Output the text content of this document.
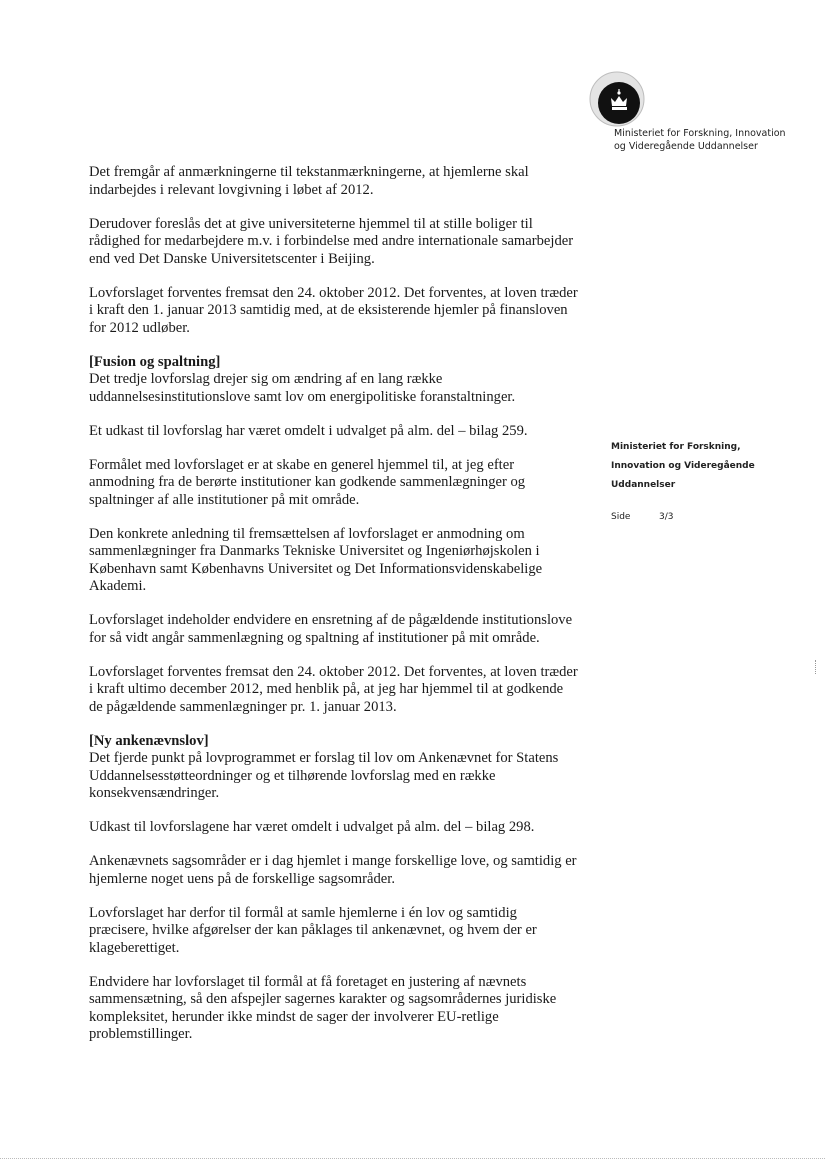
Ministeriet for Forskning, Innovation
og Videregående Uddannelser
Ministeriet for Forskning,
Innovation og Videregående
Uddannelser
Side	3/3
Det fremgår af anmærkningerne til tekstanmærkningerne, at hjemlerne skal
indarbejdes i relevant lovgivning i løbet af 2012.
Derudover foreslås det at give universiteterne hjemmel til at stille boliger til
rådighed for medarbejdere m.v. i forbindelse med andre internationale samarbejder
end ved Det Danske Universitetscenter i Beijing.
Lovforslaget forventes fremsat den 24. oktober 2012. Det forventes, at loven træder
i kraft den 1. januar 2013 samtidig med, at de eksisterende hjemler på finansloven
for 2012 udløber.
[Fusion og spaltning]
Det tredje lovforslag drejer sig om ændring af en lang række
uddannelsesinstitutionslove samt lov om energipolitiske foranstaltninger.
Et udkast til lovforslag har været omdelt i udvalget på alm. del – bilag 259.
Formålet med lovforslaget er at skabe en generel hjemmel til, at jeg efter
anmodning fra de berørte institutioner kan godkende sammenlægninger og
spaltninger af alle institutioner på mit område.
Den konkrete anledning til fremsættelsen af lovforslaget er anmodning om
sammenlægninger fra Danmarks Tekniske Universitet og Ingeniørhøjskolen i
København samt Københavns Universitet og Det Informationsvidenskabelige
Akademi.
Lovforslaget indeholder endvidere en ensretning af de pågældende institutionslove
for så vidt angår sammenlægning og spaltning af institutioner på mit område.
Lovforslaget forventes fremsat den 24. oktober 2012. Det forventes, at loven træder
i kraft ultimo december 2012, med henblik på, at jeg har hjemmel til at godkende
de pågældende sammenlægninger pr. 1. januar 2013.
[Ny ankenævnslov]
Det fjerde punkt på lovprogrammet er forslag til lov om Ankenævnet for Statens
Uddannelsesstøtteordninger og et tilhørende lovforslag med en række
konsekvensændringer.
Udkast til lovforslagene har været omdelt i udvalget på alm. del – bilag 298.
Ankenævnets sagsområder er i dag hjemlet i mange forskellige love, og samtidig er
hjemlerne noget uens på de forskellige sagsområder.
Lovforslaget har derfor til formål at samle hjemlerne i én lov og samtidig
præcisere, hvilke afgørelser der kan påklages til ankenævnet, og hvem der er
klageberettiget.
Endvidere har lovforslaget til formål at få foretaget en justering af nævnets
sammensætning, så den afspejler sagernes karakter og sagsområdernes juridiske
kompleksitet, herunder ikke mindst de sager der involverer EU-retlige
problemstillinger.
